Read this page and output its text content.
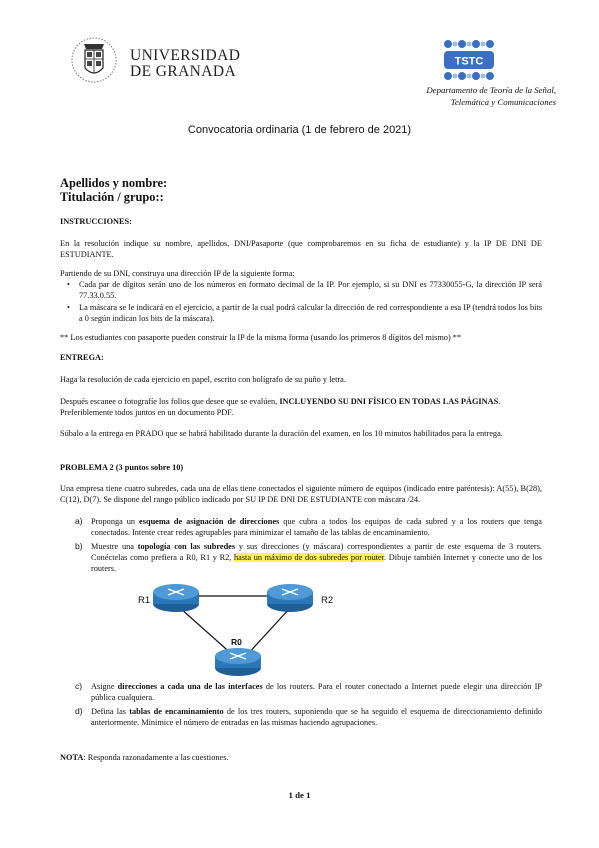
UNIVERSIDAD
DE GRANADA
TSTC
Departamento de Teoría de la Señal,
Telemática y Comunicaciones
Convocatoria ordinaria (1 de febrero de 2021)
Apellidos y nombre:
Titulación / grupo::
INSTRUCCIONES:

En la resolución indique su nombre, apellidos, DNI/Pasaporte (que comprobaremos en su ficha de estudiante) y la IP DE DNI DE ESTUDIANTE.

Partiendo de su DNI, construya una dirección IP de la siguiente forma:

• Cada par de dígitos serán uno de los números en formato decimal de la IP. Por ejemplo, si su DNI es 77330055-G, la dirección IP será 77.33.0.55.
• La máscara se le indicará en el ejercicio, a partir de la cual podrá calcular la dirección de red correspondiente a esa IP (tendrá todos los bits a 0 según indican los bits de la máscara).

** Los estudiantes con pasaporte pueden construir la IP de la misma forma (usando los primeros 8 dígitos del mismo) **

ENTREGA:

Haga la resolución de cada ejercicio en papel, escrito con bolígrafo de su puño y letra.

Después escanee o fotografíe los folios que desee que se evalúen, INCLUYENDO SU DNI FÍSICO EN TODAS LAS PÁGINAS. Preferiblemente todos juntos en un documento PDF.

Súbalo a la entrega en PRADO que se habrá habilitado durante la duración del examen, en los 10 minutos habilitados para la entrega.

PROBLEMA 2 (3 puntos sobre 10)

Una empresa tiene cuatro subredes, cada una de ellas tiene conectados el siguiente número de equipos (indicado entre paréntesis): A(55), B(28), C(12), D(7). Se dispone del rango público indicado por SU IP DE DNI DE ESTUDIANTE con máscara /24.

a) Proponga un esquema de asignación de direcciones que cubra a todos los equipos de cada subred y a los routers que tenga conectados. Intente crear redes agrupables para minimizar el tamaño de las tablas de encaminamiento.
b) Muestre una topología con las subredes y sus direcciones (y máscara) correspondientes a partir de este esquema de 3 routers. Conéctelas como prefiera a R0, R1 y R2, hasta un máximo de dos subredes por router. Dibuje también Internet y conecte uno de los routers.
R1	R2
R0
c) Asigne direcciones a cada una de las interfaces de los routers. Para el router conectado a Internet puede elegir una dirección IP pública cualquiera.
d) Defina las tablas de encaminamiento de los tres routers, suponiendo que se ha seguido el esquema de direccionamiento definido anteriormente. Minimice el número de entradas en las mismas haciendo agrupaciones.

NOTA: Responda razonadamente a las cuestiones.

1 de 1
